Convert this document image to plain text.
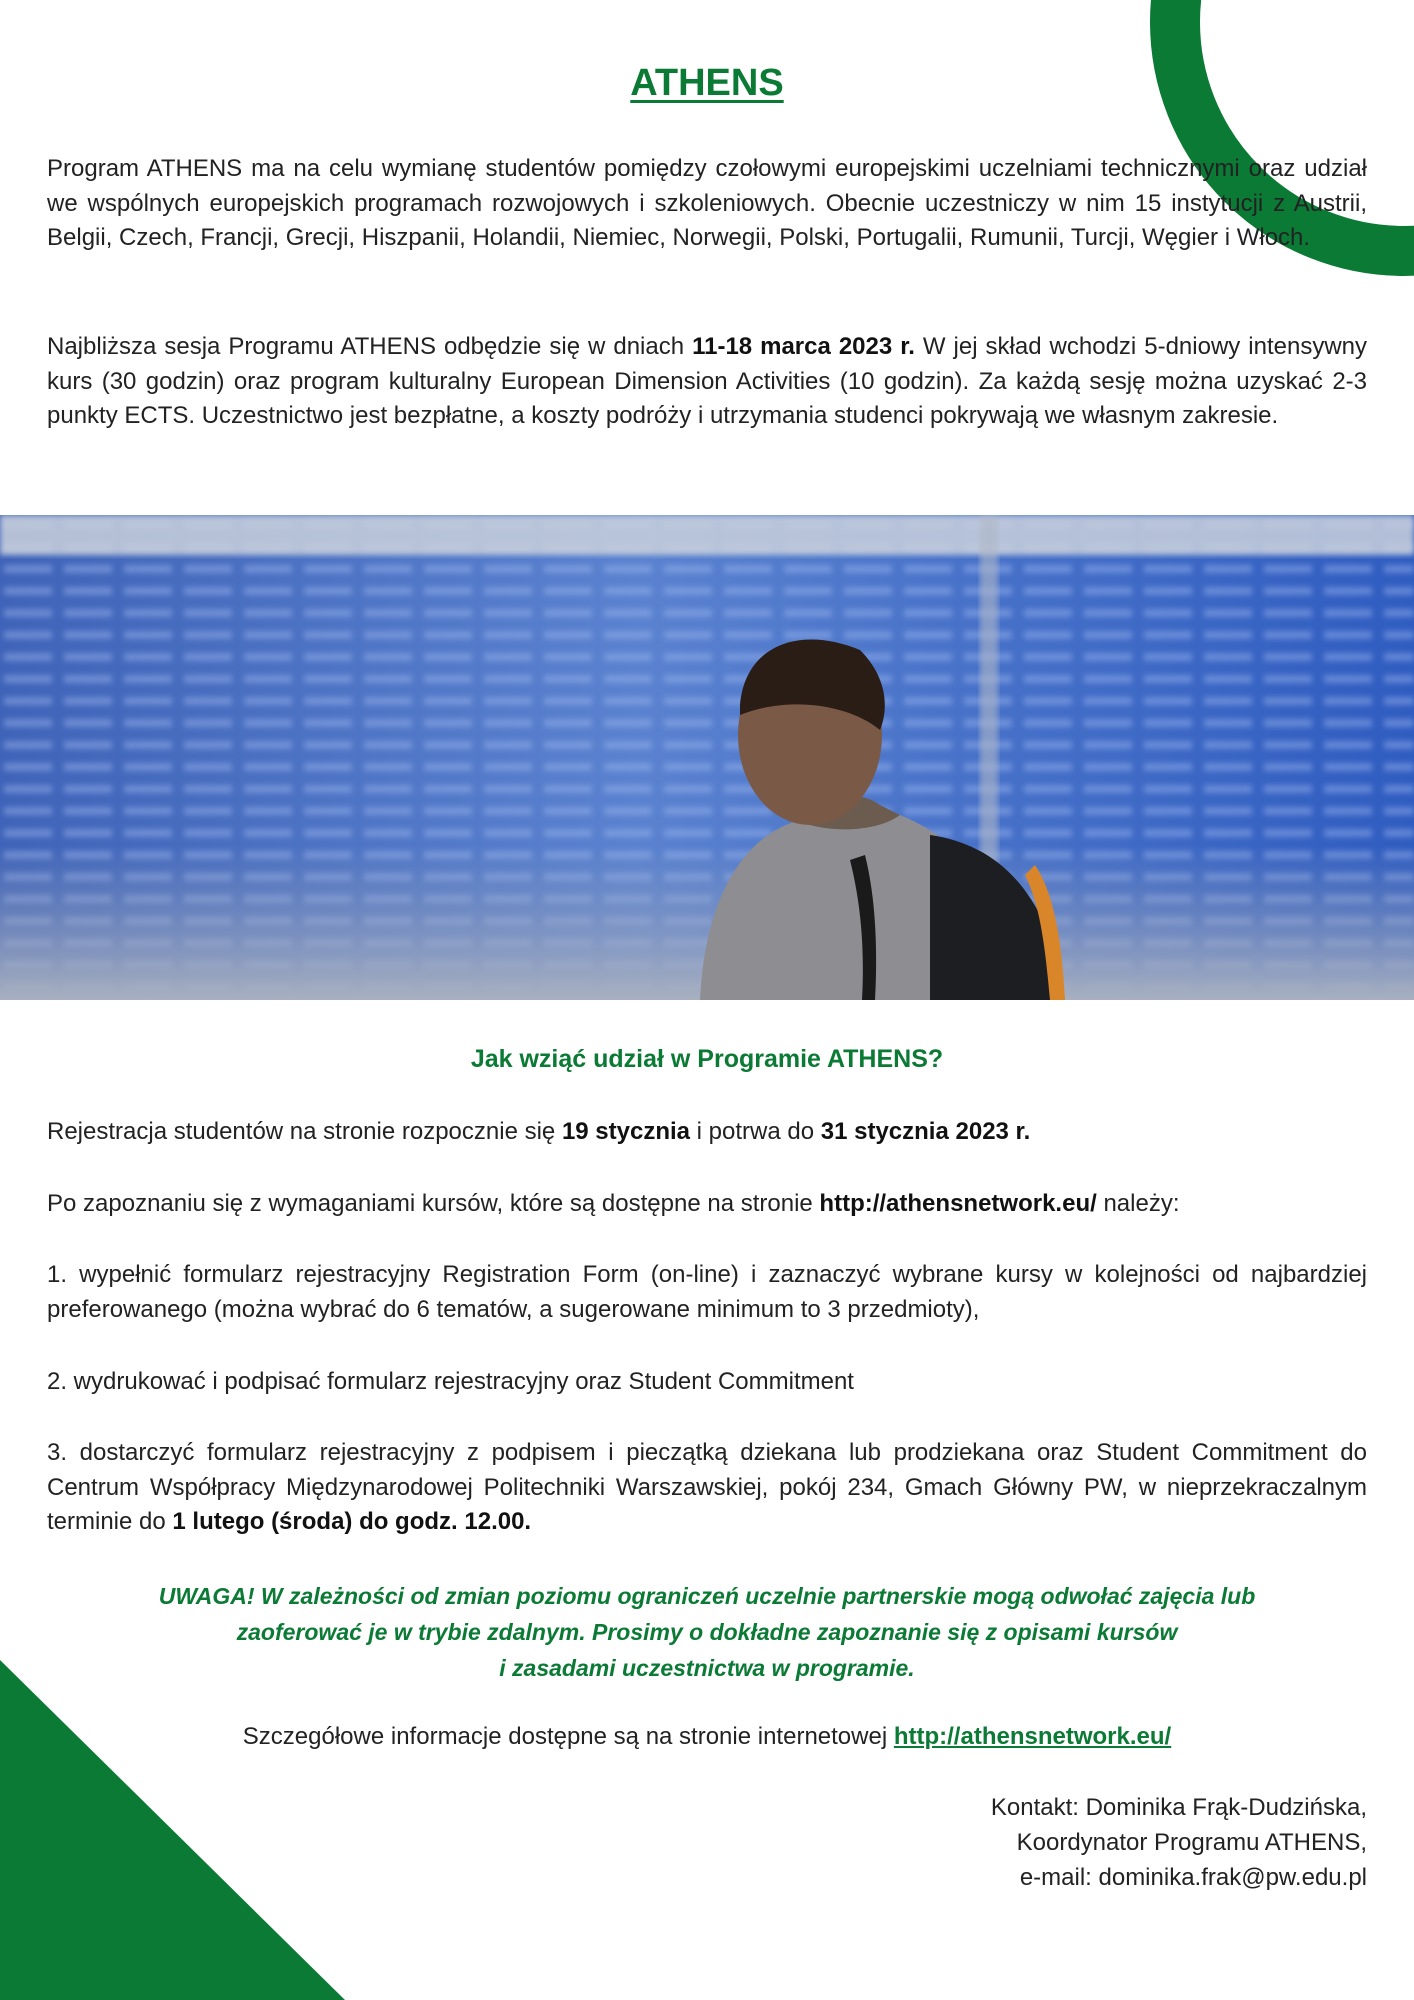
ATHENS

Program ATHENS ma na celu wymianę studentów pomiędzy czołowymi europejskimi uczelniami technicznymi oraz udział we wspólnych europejskich programach rozwojowych i szkoleniowych. Obecnie uczestniczy w nim 15 instytucji z Austrii, Belgii, Czech, Francji, Grecji, Hiszpanii, Holandii, Niemiec, Norwegii, Polski, Portugalii, Rumunii, Turcji, Węgier i Włoch.

Najbliższa sesja Programu ATHENS odbędzie się w dniach 11-18 marca 2023 r. W jej skład wchodzi 5-dniowy intensywny kurs (30 godzin) oraz program kulturalny European Dimension Activities (10 godzin). Za każdą sesję można uzyskać 2-3 punkty ECTS. Uczestnictwo jest bezpłatne, a koszty podróży i utrzymania studenci pokrywają we własnym zakresie.

Jak wziąć udział w Programie ATHENS?

Rejestracja studentów na stronie rozpocznie się 19 stycznia i potrwa do 31 stycznia 2023 r.

Po zapoznaniu się z wymaganiami kursów, które są dostępne na stronie http://athensnetwork.eu/ należy:

1. wypełnić formularz rejestracyjny Registration Form (on-line) i zaznaczyć wybrane kursy w kolejności od najbardziej preferowanego (można wybrać do 6 tematów, a sugerowane minimum to 3 przedmioty),

2. wydrukować i podpisać formularz rejestracyjny oraz Student Commitment

3. dostarczyć formularz rejestracyjny z podpisem i pieczątką dziekana lub prodziekana oraz Student Commitment do Centrum Współpracy Międzynarodowej Politechniki Warszawskiej, pokój 234, Gmach Główny PW, w nieprzekraczalnym terminie do 1 lutego (środa) do godz. 12.00.

UWAGA! W zależności od zmian poziomu ograniczeń uczelnie partnerskie mogą odwołać zajęcia lub
zaoferować je w trybie zdalnym. Prosimy o dokładne zapoznanie się z opisami kursów
i zasadami uczestnictwa w programie.

Szczegółowe informacje dostępne są na stronie internetowej http://athensnetwork.eu/

Kontakt: Dominika Frąk-Dudzińska,
Koordynator Programu ATHENS,
e-mail: dominika.frak@pw.edu.pl
